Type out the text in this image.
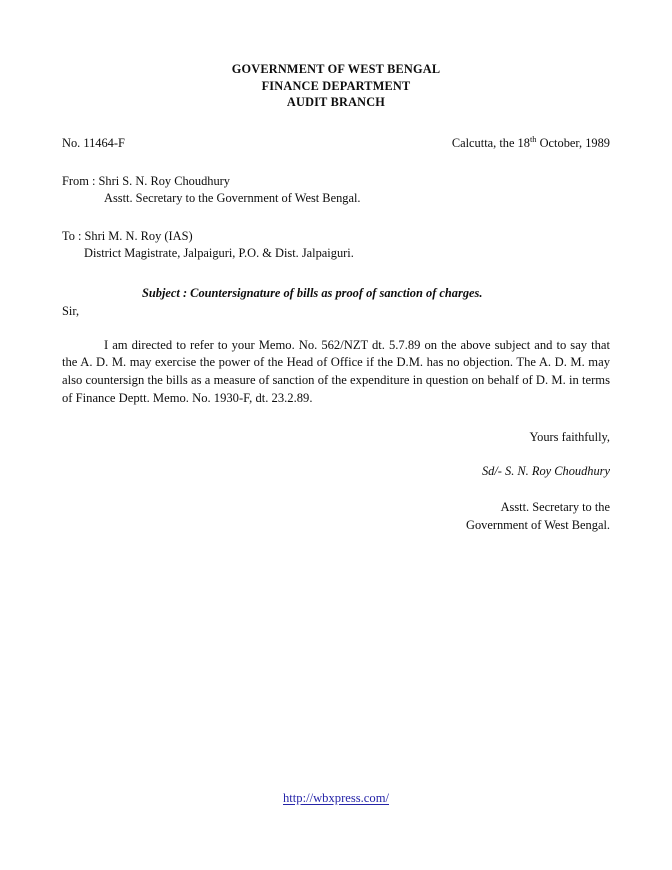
GOVERNMENT OF WEST BENGAL
FINANCE DEPARTMENT
AUDIT BRANCH
No. 11464-F	Calcutta, the 18th October, 1989
From : Shri S. N. Roy Choudhury
Asstt. Secretary to the Government of West Bengal.
To : Shri M. N. Roy (IAS)
District Magistrate, Jalpaiguri, P.O. & Dist. Jalpaiguri.
Subject : Countersignature of bills as proof of sanction of charges.
Sir,
I am directed to refer to your Memo. No. 562/NZT dt. 5.7.89 on the above subject and to say that the A. D. M. may exercise the power of the Head of Office if the D.M. has no objection. The A. D. M. may also countersign the bills as a measure of sanction of the expenditure in question on behalf of D. M. in terms of Finance Deptt. Memo. No. 1930-F, dt. 23.2.89.
Yours faithfully,
Sd/- S. N. Roy Choudhury
Asstt. Secretary to the
Government of West Bengal.
http://wbxpress.com/
